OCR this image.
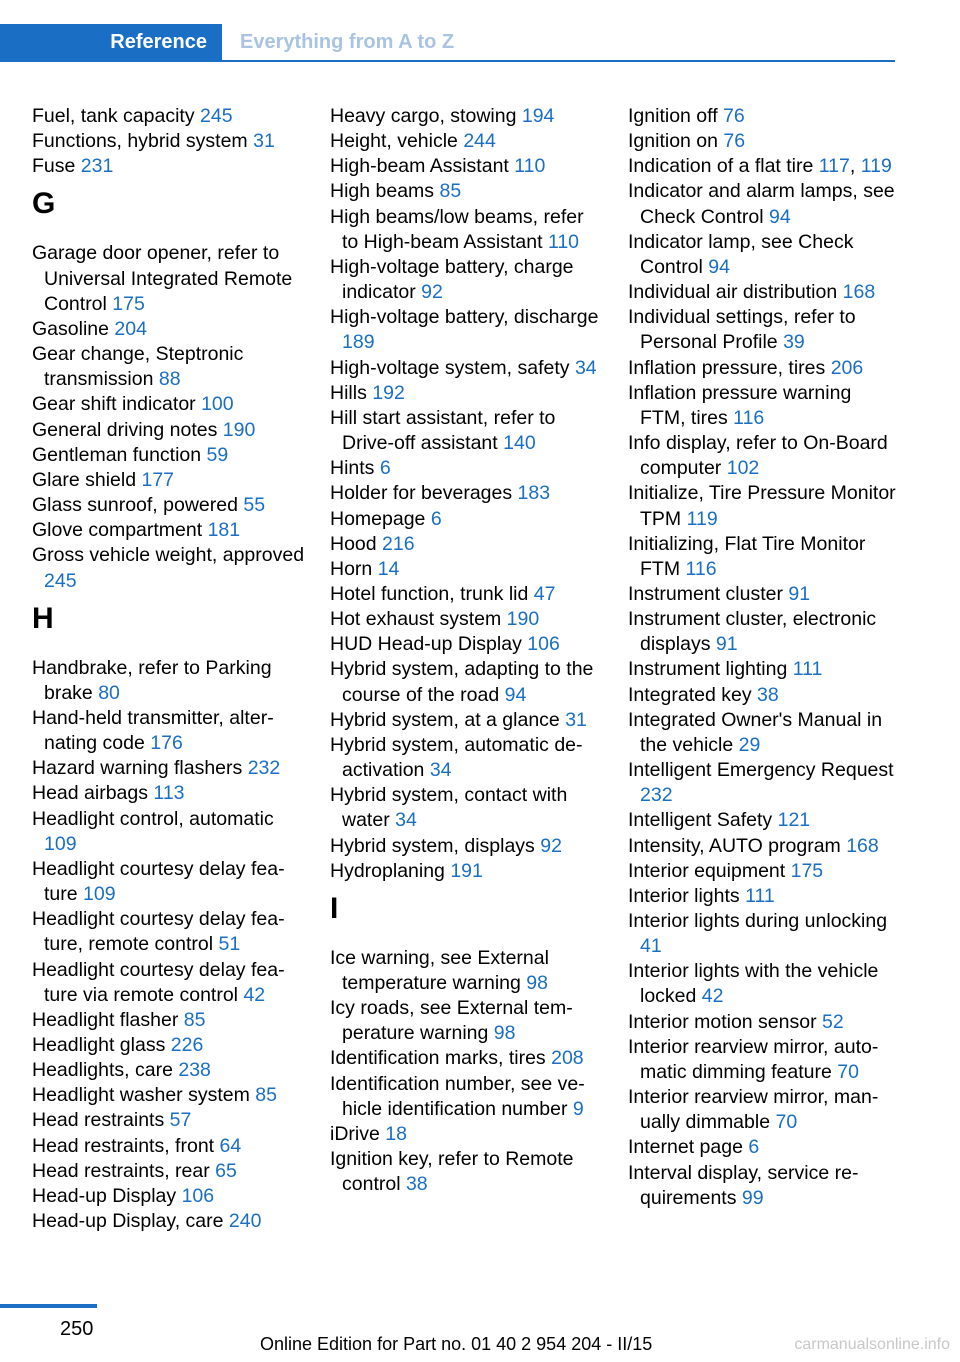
Reference	Everything from A to Z
Fuel, tank capacity 245
Functions, hybrid system 31
Fuse 231
G
Garage door opener, refer to Universal Integrated Remote Control 175
Gasoline 204
Gear change, Steptronic transmission 88
Gear shift indicator 100
General driving notes 190
Gentleman function 59
Glare shield 177
Glass sunroof, powered 55
Glove compartment 181
Gross vehicle weight, approved 245
H
Handbrake, refer to Parking brake 80
Hand-held transmitter, alternating code 176
Hazard warning flashers 232
Head airbags 113
Headlight control, automatic 109
Headlight courtesy delay feature 109
Headlight courtesy delay feature, remote control 51
Headlight courtesy delay feature via remote control 42
Headlight flasher 85
Headlight glass 226
Headlights, care 238
Headlight washer system 85
Head restraints 57
Head restraints, front 64
Head restraints, rear 65
Head-up Display 106
Head-up Display, care 240
Heavy cargo, stowing 194
Height, vehicle 244
High-beam Assistant 110
High beams 85
High beams/low beams, refer to High-beam Assistant 110
High-voltage battery, charge indicator 92
High-voltage battery, discharge 189
High-voltage system, safety 34
Hills 192
Hill start assistant, refer to Drive-off assistant 140
Hints 6
Holder for beverages 183
Homepage 6
Hood 216
Horn 14
Hotel function, trunk lid 47
Hot exhaust system 190
HUD Head-up Display 106
Hybrid system, adapting to the course of the road 94
Hybrid system, at a glance 31
Hybrid system, automatic deactivation 34
Hybrid system, contact with water 34
Hybrid system, displays 92
Hydroplaning 191
I
Ice warning, see External temperature warning 98
Icy roads, see External temperature warning 98
Identification marks, tires 208
Identification number, see vehicle identification number 9
iDrive 18
Ignition key, refer to Remote control 38
Ignition off 76
Ignition on 76
Indication of a flat tire 117, 119
Indicator and alarm lamps, see Check Control 94
Indicator lamp, see Check Control 94
Individual air distribution 168
Individual settings, refer to Personal Profile 39
Inflation pressure, tires 206
Inflation pressure warning FTM, tires 116
Info display, refer to On-Board computer 102
Initialize, Tire Pressure Monitor TPM 119
Initializing, Flat Tire Monitor FTM 116
Instrument cluster 91
Instrument cluster, electronic displays 91
Instrument lighting 111
Integrated key 38
Integrated Owner's Manual in the vehicle 29
Intelligent Emergency Request 232
Intelligent Safety 121
Intensity, AUTO program 168
Interior equipment 175
Interior lights 111
Interior lights during unlocking 41
Interior lights with the vehicle locked 42
Interior motion sensor 52
Interior rearview mirror, automatic dimming feature 70
Interior rearview mirror, manually dimmable 70
Internet page 6
Interval display, service requirements 99
250
Online Edition for Part no. 01 40 2 954 204 - II/15	carmanualsonline.info
